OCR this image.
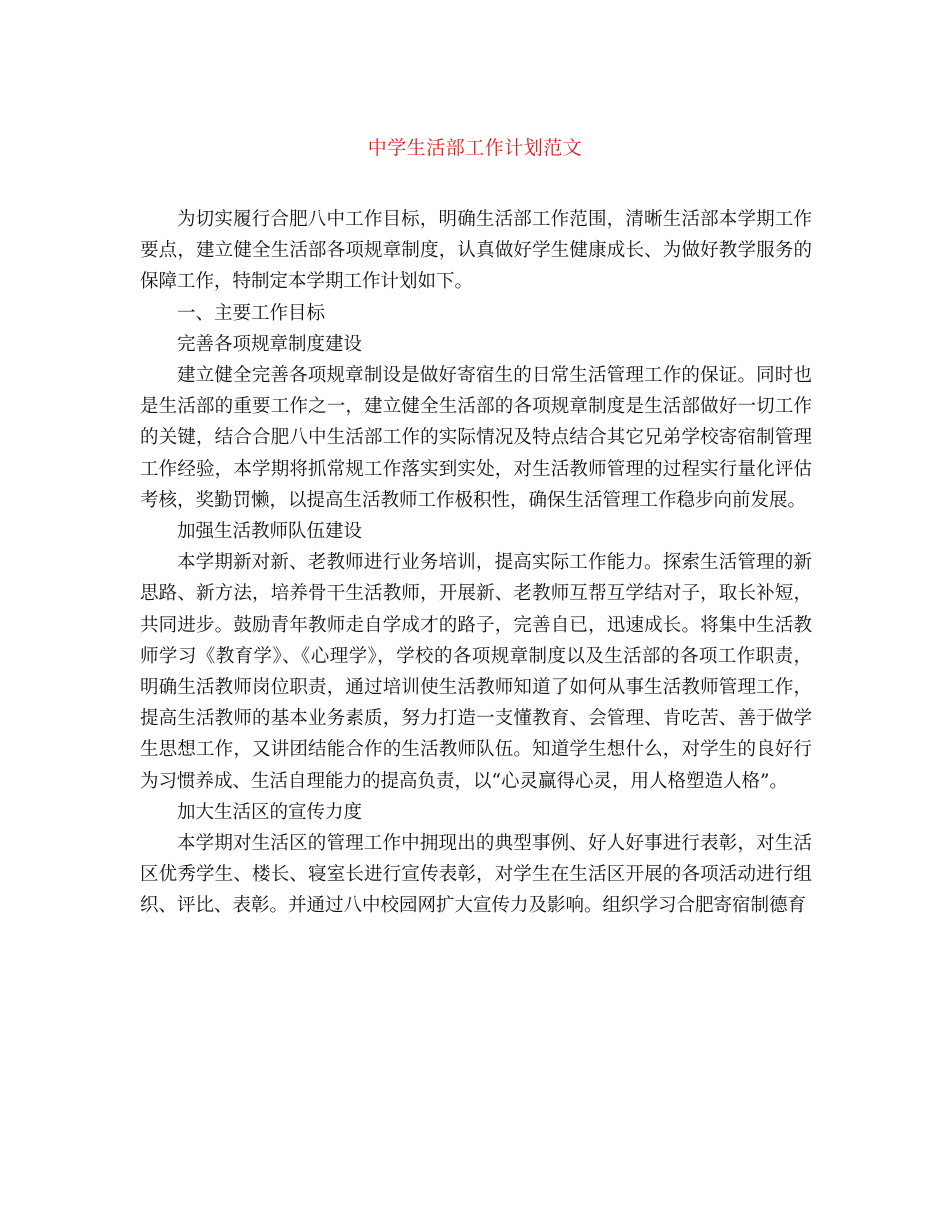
中学生活部工作计划范文

为切实履行合肥八中工作目标，明确生活部工作范围，清晰生活部本学期工作要点，建立健全生活部各项规章制度，认真做好学生健康成长、为做好教学服务的保障工作，特制定本学期工作计划如下。

一、主要工作目标

完善各项规章制度建设

建立健全完善各项规章制设是做好寄宿生的日常生活管理工作的保证。同时也是生活部的重要工作之一，建立健全生活部的各项规章制度是生活部做好一切工作的关键，结合合肥八中生活部工作的实际情况及特点结合其它兄弟学校寄宿制管理工作经验，本学期将抓常规工作落实到实处，对生活教师管理的过程实行量化评估考核，奖勤罚懒，以提高生活教师工作极积性，确保生活管理工作稳步向前发展。

加强生活教师队伍建设

本学期新对新、老教师进行业务培训，提高实际工作能力。探索生活管理的新思路、新方法，培养骨干生活教师，开展新、老教师互帮互学结对子，取长补短，共同进步。鼓励青年教师走自学成才的路子，完善自已，迅速成长。将集中生活教师学习《教育学》、《心理学》，学校的各项规章制度以及生活部的各项工作职责，明确生活教师岗位职责，通过培训使生活教师知道了如何从事生活教师管理工作，提高生活教师的基本业务素质，努力打造一支懂教育、会管理、肯吃苦、善于做学生思想工作，又讲团结能合作的生活教师队伍。知道学生想什么，对学生的良好行为习惯养成、生活自理能力的提高负责，以“心灵赢得心灵，用人格塑造人格”。

加大生活区的宣传力度

本学期对生活区的管理工作中拥现出的典型事例、好人好事进行表彰，对生活区优秀学生、楼长、寝室长进行宣传表彰，对学生在生活区开展的各项活动进行组织、评比、表彰。并通过八中校园网扩大宣传力及影响。组织学习合肥寄宿制德育
